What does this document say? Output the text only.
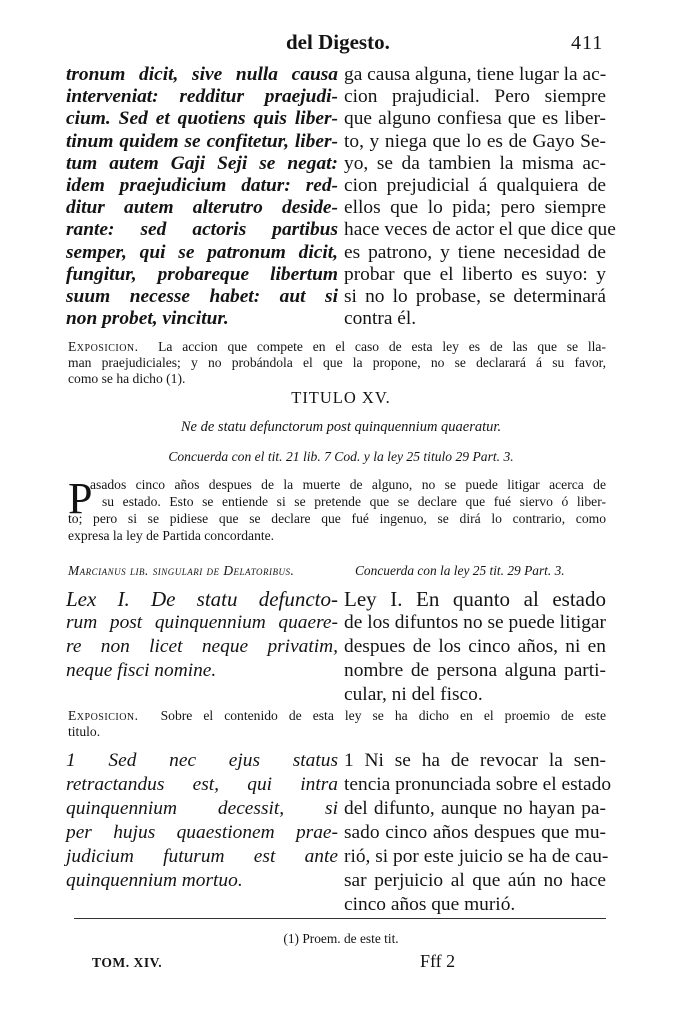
del Digesto.	411
tronum dicit, sive nulla causa
interveniat: redditur praejudi-
cium. Sed et quotiens quis liber-
tinum quidem se confitetur, liber-
tum autem Gaji Seji se negat:
idem praejudicium datur: red-
ditur autem alterutro deside-
rante: sed actoris partibus
semper, qui se patronum dicit,
fungitur, probareque libertum
suum necesse habet: aut si
non probet, vincitur.
ga causa alguna, tiene lugar la ac-
cion prajudicial. Pero siempre
que alguno confiesa que es liber-
to, y niega que lo es de Gayo Se-
yo, se da tambien la misma ac-
cion prejudicial á qualquiera de
ellos que lo pida; pero siempre
hace veces de actor el que dice que
es patrono, y tiene necesidad de
probar que el liberto es suyo: y
si no lo probase, se determinará
contra él.
Exposicion. La accion que compete en el caso de esta ley es de las que se lla-
man praejudiciales; y no probándola el que la propone, no se declarará á su favor,
como se ha dicho (1).
TITULO XV.
Ne de statu defunctorum post quinquennium quaeratur.
Concuerda con el tit. 21 lib. 7 Cod. y la ley 25 titulo 29 Part. 3.
P
asados cinco años despues de la muerte de alguno, no se puede litigar acerca de
su estado. Esto se entiende si se pretende que se declare que fué siervo ó liber-
to; pero si se pidiese que se declare que fué ingenuo, se dirá lo contrario, como
expresa la ley de Partida concordante.
Marcianus lib. singulari de Delatoribus.	Concuerda con la ley 25 tit. 29 Part. 3.
Lex I. De statu defuncto-
rum post quinquennium quaere-
re non licet neque privatim,
neque fisci nomine.
Ley I. En quanto al estado
de los difuntos no se puede litigar
despues de los cinco años, ni en
nombre de persona alguna parti-
cular, ni del fisco.
Exposicion. Sobre el contenido de esta ley se ha dicho en el proemio de este
titulo.
1 Sed nec ejus status
retractandus est, qui intra
quinquennium decessit, si
per hujus quaestionem prae-
judicium futurum est ante
quinquennium mortuo.
1 Ni se ha de revocar la sen-
tencia pronunciada sobre el estado
del difunto, aunque no hayan pa-
sado cinco años despues que mu-
rió, si por este juicio se ha de cau-
sar perjuicio al que aún no hace
cinco años que murió.
(1) Proem. de este tit.
TOM. XIV.	Fff 2
